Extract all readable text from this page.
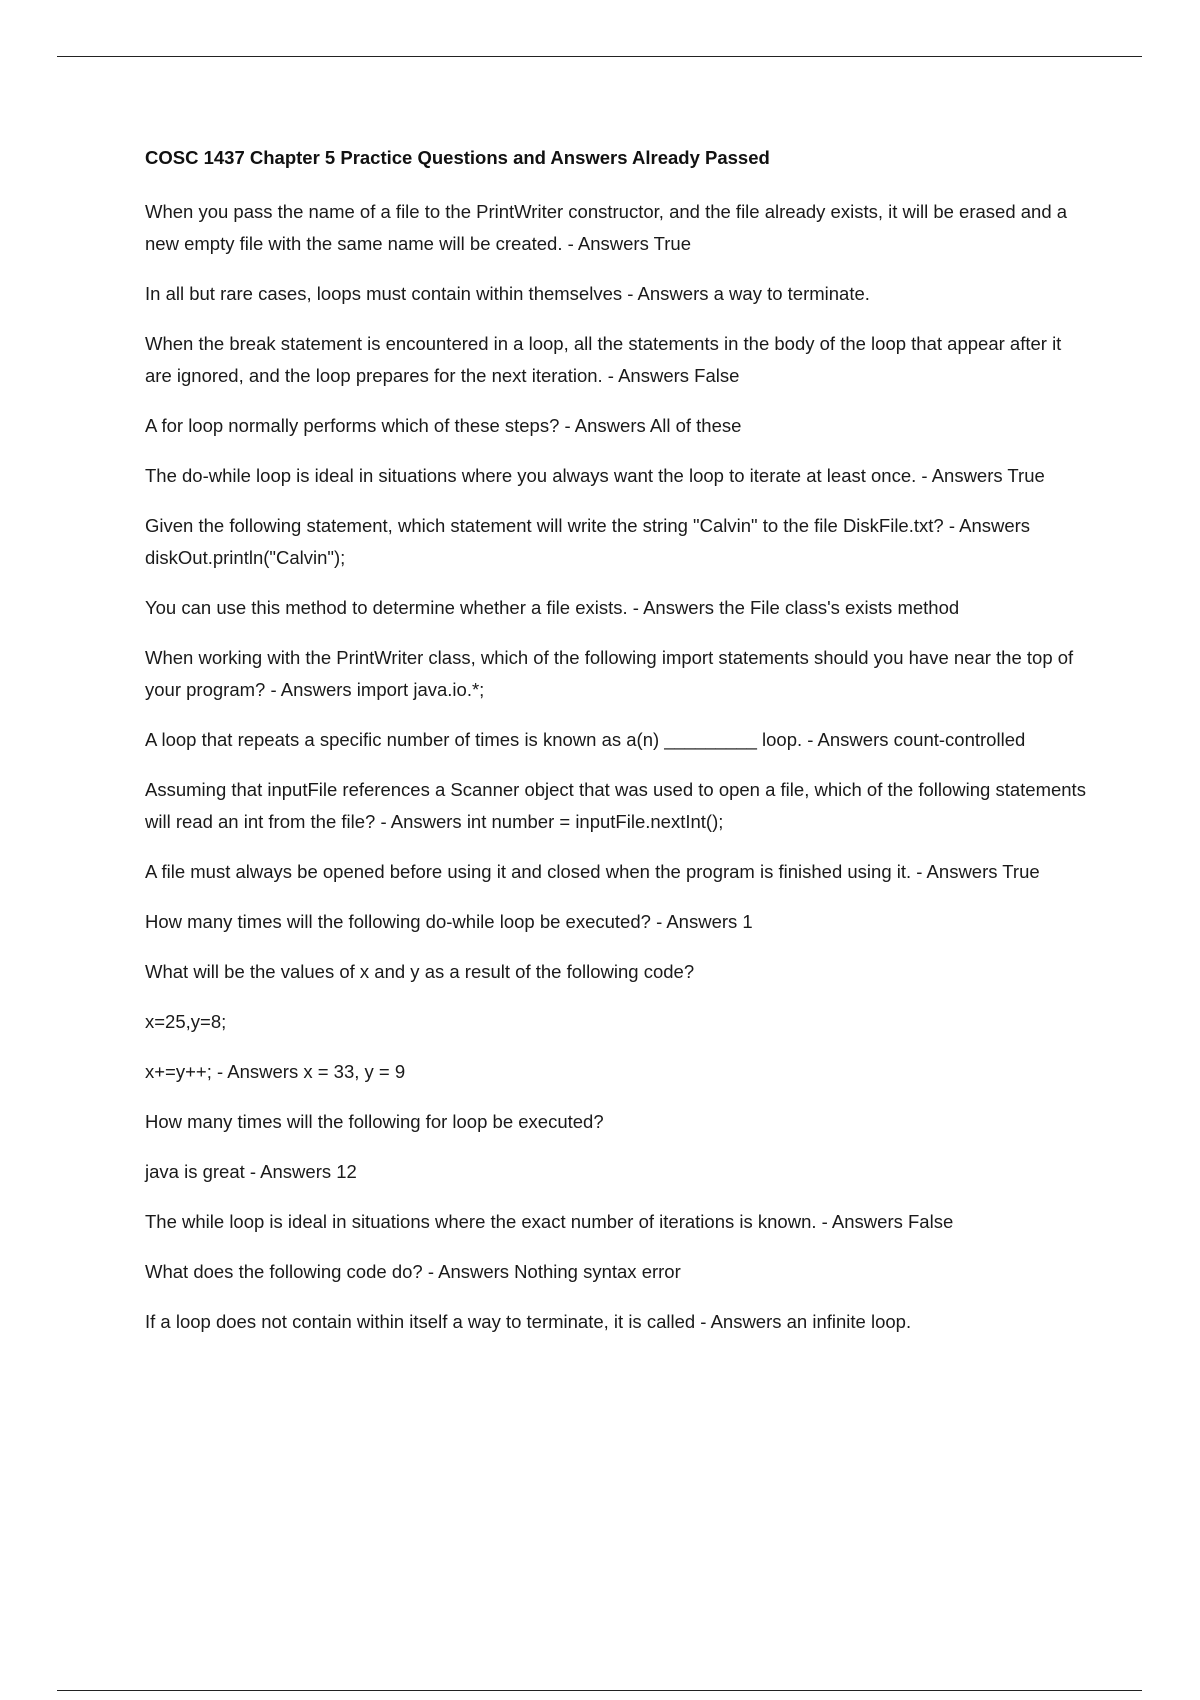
COSC 1437 Chapter 5 Practice Questions and Answers Already Passed

When you pass the name of a file to the PrintWriter constructor, and the file already exists, it will be erased and a new empty file with the same name will be created. - Answers True

In all but rare cases, loops must contain within themselves - Answers a way to terminate.

When the break statement is encountered in a loop, all the statements in the body of the loop that appear after it are ignored, and the loop prepares for the next iteration. - Answers False

A for loop normally performs which of these steps? - Answers All of these

The do-while loop is ideal in situations where you always want the loop to iterate at least once. - Answers True

Given the following statement, which statement will write the string "Calvin" to the file DiskFile.txt? - Answers diskOut.println("Calvin");

You can use this method to determine whether a file exists. - Answers the File class's exists method

When working with the PrintWriter class, which of the following import statements should you have near the top of your program? - Answers import java.io.*;

A loop that repeats a specific number of times is known as a(n) _________ loop. - Answers count-controlled

Assuming that inputFile references a Scanner object that was used to open a file, which of the following statements will read an int from the file? - Answers int number = inputFile.nextInt();

A file must always be opened before using it and closed when the program is finished using it. - Answers True

How many times will the following do-while loop be executed? - Answers 1

What will be the values of x and y as a result of the following code?

x=25,y=8;

x+=y++; - Answers x = 33, y = 9

How many times will the following for loop be executed?

java is great - Answers 12

The while loop is ideal in situations where the exact number of iterations is known. - Answers False

What does the following code do? - Answers Nothing syntax error

If a loop does not contain within itself a way to terminate, it is called - Answers an infinite loop.
